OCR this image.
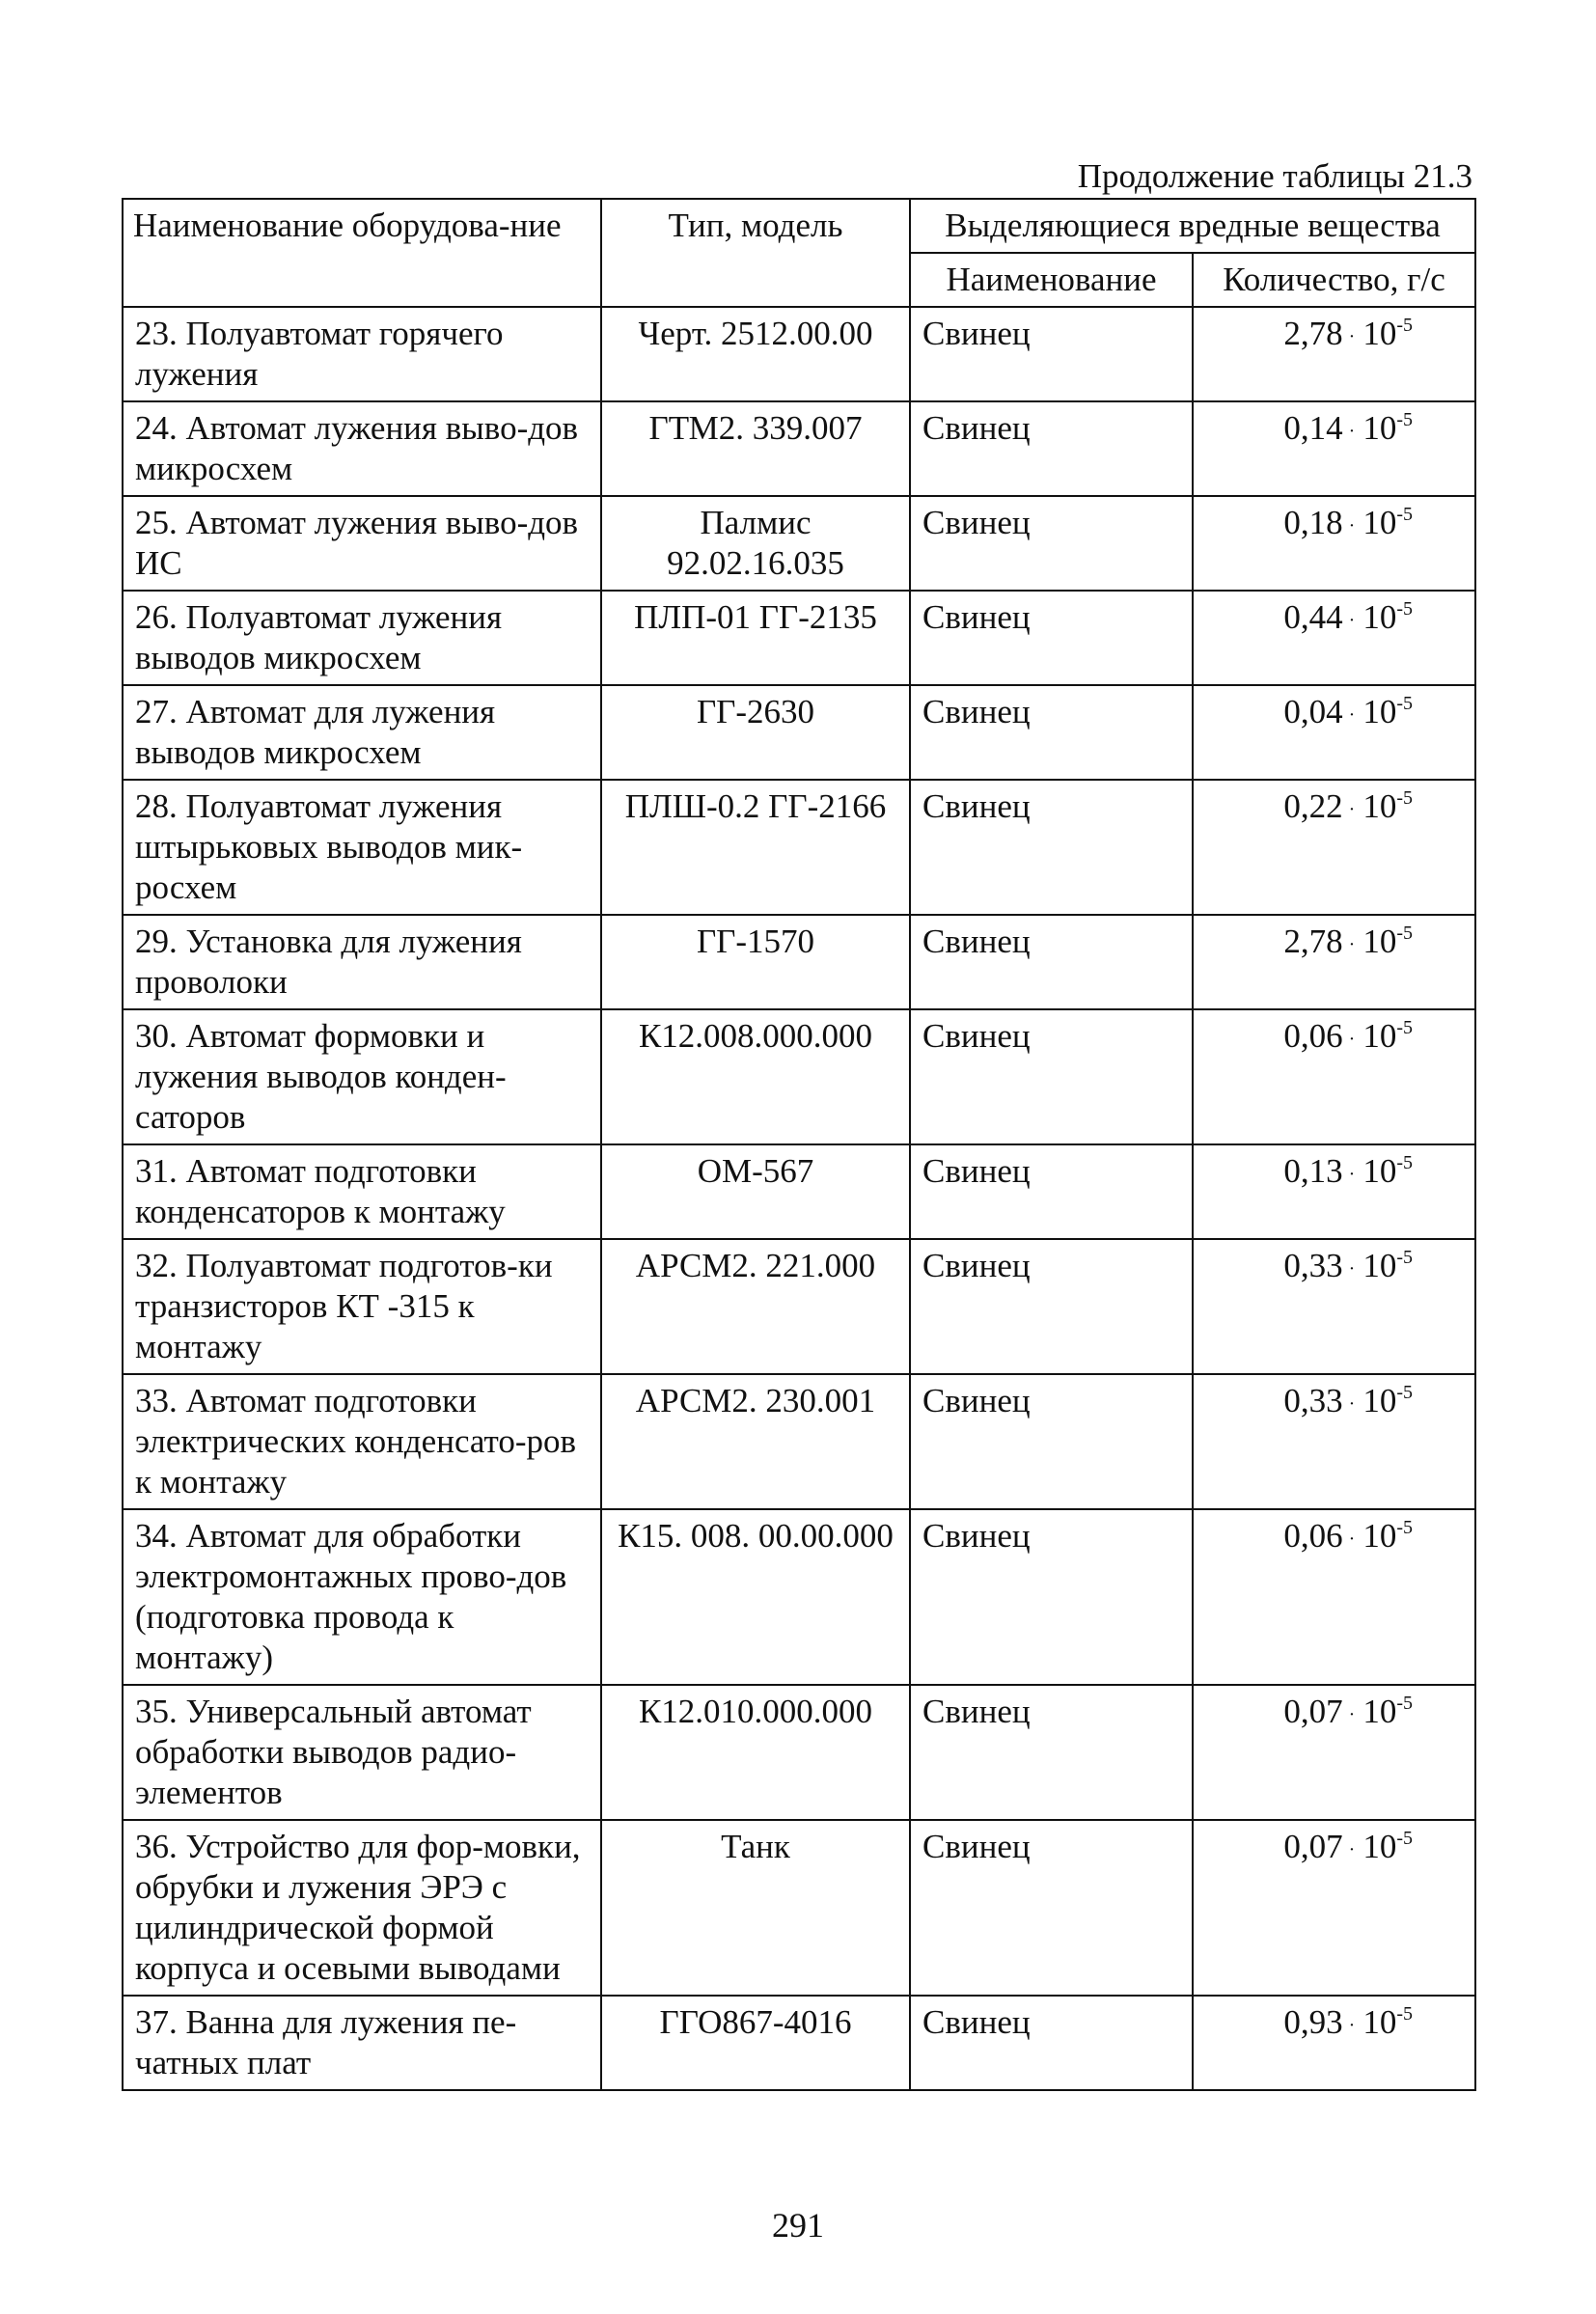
Продолжение таблицы 21.3
Наименование оборудова-ние	Тип, модель	Выделяющиеся вредные вещества	
		Наименование	Количество, г/с
23. Полуавтомат горячего лужения	Черт. 2512.00.00	Свинец	$2,78 \cdot 10^{-5}$
24. Автомат лужения выво-дов микросхем	ГТМ2. 339.007	Свинец	$0,14 \cdot 10^{-5}$
25. Автомат лужения выво-дов ИС	Палмис 92.02.16.035	Свинец	$0,18 \cdot 10^{-5}$
26. Полуавтомат лужения выводов микросхем	ПЛП-01 ГГ-2135	Свинец	$0,44 \cdot 10^{-5}$
27. Автомат для лужения выводов микросхем	ГГ-2630	Свинец	$0,04 \cdot 10^{-5}$
28. Полуавтомат лужения штырьковых выводов мик-росхем	ПЛШ-0.2 ГГ-2166	Свинец	$0,22 \cdot 10^{-5}$
29. Установка для лужения проволоки	ГГ-1570	Свинец	$2,78 \cdot 10^{-5}$
30. Автомат формовки и лужения выводов конден-саторов	К12.008.000.000	Свинец	$0,06 \cdot 10^{-5}$
31. Автомат подготовки конденсаторов к монтажу	ОМ-567	Свинец	$0,13 \cdot 10^{-5}$
32. Полуавтомат подготов-ки транзисторов КТ -315 к монтажу	АРСМ2. 221.000	Свинец	$0,33 \cdot 10^{-5}$
33. Автомат подготовки электрических конденсато-ров к монтажу	АРСМ2. 230.001	Свинец	$0,33 \cdot 10^{-5}$
34. Автомат для обработки электромонтажных прово-дов (подготовка провода к монтажу)	К15. 008. 00.00.000	Свинец	$0,06 \cdot 10^{-5}$
35. Универсальный автомат обработки выводов радио-элементов	К12.010.000.000	Свинец	$0,07 \cdot 10^{-5}$
36. Устройство для фор-мовки, обрубки и лужения ЭРЭ с цилиндрической формой корпуса и осевыми выводами	Танк	Свинец	$0,07 \cdot 10^{-5}$
37. Ванна для лужения пе-чатных плат	ГГО867-4016	Свинец	$0,93 \cdot 10^{-5}$
291
